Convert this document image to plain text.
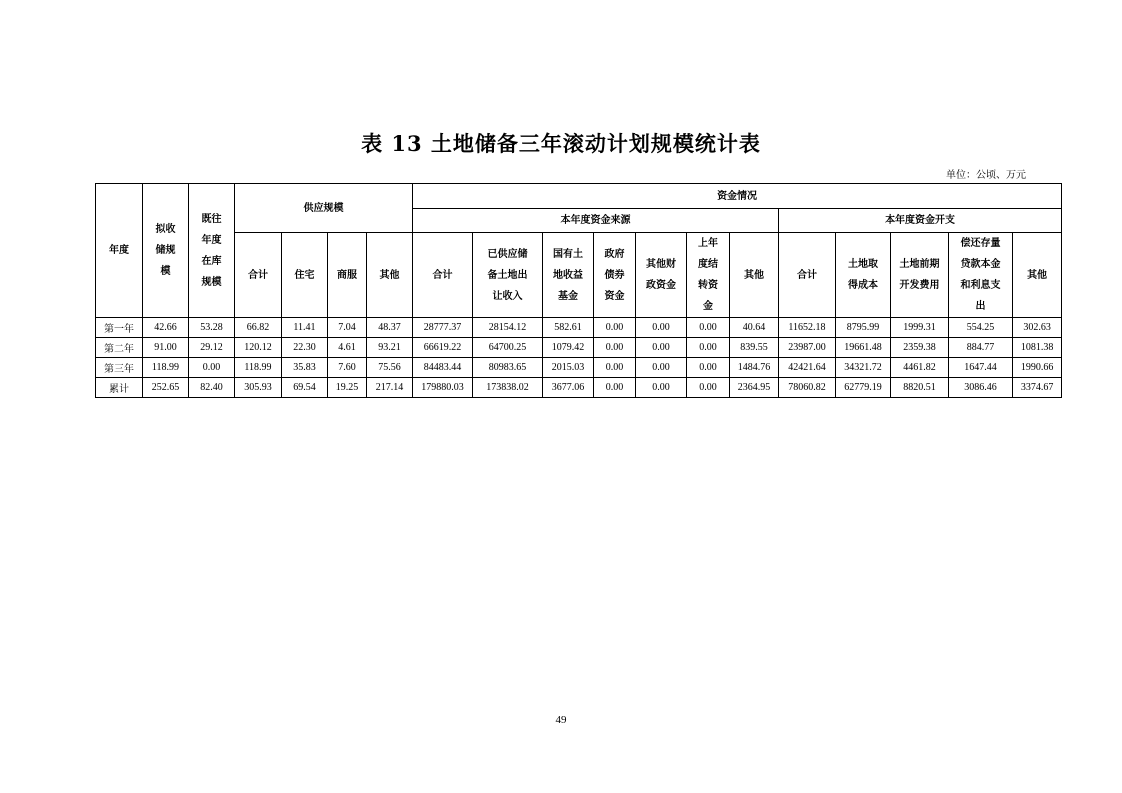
表 13 土地储备三年滚动计划规模统计表
单位：公顷、万元
年度	拟收
储规
模	既往
年度
在库
规模	供应规模				资金情况											
							本年度资金来源							本年度资金开支				

			合计	住宅	商服	其他	合计	已供应储
备土地出
让收入	国有土
地收益
基金	政府
债券
资金	其他财
政资金	上年
度结
转资
金	其他	合计	土地取
得成本	土地前期
开发费用	偿还存量
贷款本金
和利息支
出	其他

第一年	42.66	53.28	66.82	11.41	7.04	48.37	28777.37	28154.12	582.61	0.00	0.00	0.00	40.64	11652.18	8795.99	1999.31	554.25	302.63
第二年	91.00	29.12	120.12	22.30	4.61	93.21	66619.22	64700.25	1079.42	0.00	0.00	0.00	839.55	23987.00	19661.48	2359.38	884.77	1081.38
第三年	118.99	0.00	118.99	35.83	7.60	75.56	84483.44	80983.65	2015.03	0.00	0.00	0.00	1484.76	42421.64	34321.72	4461.82	1647.44	1990.66
累计	252.65	82.40	305.93	69.54	19.25	217.14	179880.03	173838.02	3677.06	0.00	0.00	0.00	2364.95	78060.82	62779.19	8820.51	3086.46	3374.67
49
